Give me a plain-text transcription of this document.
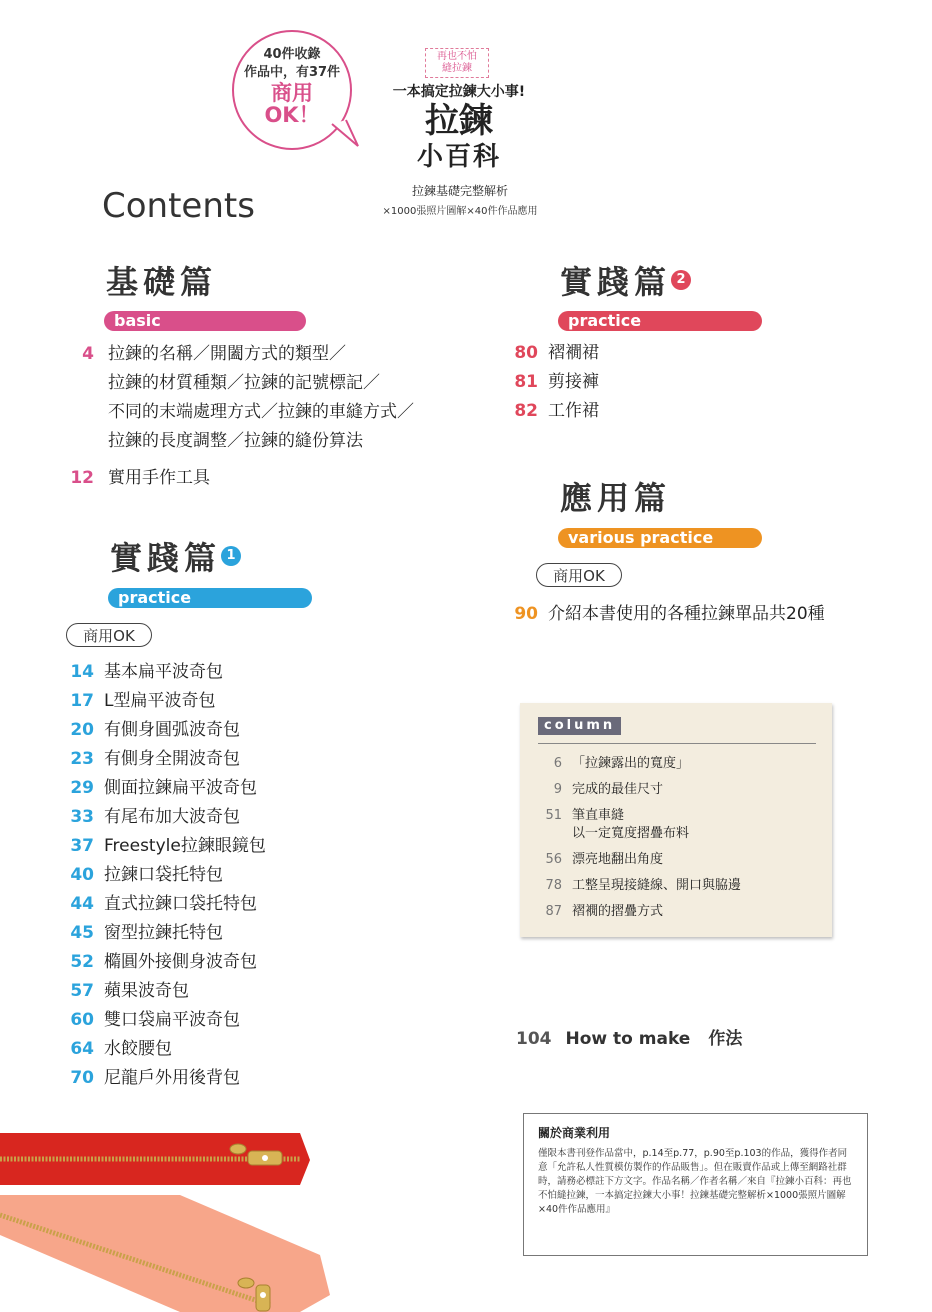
40件收錄
作品中，有37件
商用
OK！
再也不怕
縫拉鍊
一本搞定拉鍊大小事!
拉鍊
小百科
拉鍊基礎完整解析
×1000張照片圖解×40件作品應用
Contents
基礎篇
basic
4 拉鍊的名稱／開闔方式的類型／
拉鍊的材質種類／拉鍊的記號標記／
不同的末端處理方式／拉鍊的車縫方式／
拉鍊的長度調整／拉鍊的縫份算法
12 實用手作工具
實踐篇 1
practice
商用OK
14 基本扁平波奇包
17 L型扁平波奇包
20 有側身圓弧波奇包
23 有側身全開波奇包
29 側面拉鍊扁平波奇包
33 有尾布加大波奇包
37 Freestyle拉鍊眼鏡包
40 拉鍊口袋托特包
44 直式拉鍊口袋托特包
45 窗型拉鍊托特包
52 橢圓外接側身波奇包
57 蘋果波奇包
60 雙口袋扁平波奇包
64 水餃腰包
70 尼龍戶外用後背包
實踐篇 2
practice
80 褶襉裙
81 剪接褲
82 工作裙
應用篇
various practice
商用OK
90 介紹本書使用的各種拉鍊單品共20種
column
6 「拉鍊露出的寬度」
9 完成的最佳尺寸
51 筆直車縫
以一定寬度摺疊布料
56 漂亮地翻出角度
78 工整呈現接縫線、開口與脇邊
87 褶襉的摺疊方式
104 How to make 作法
關於商業利用
僅限本書刊登作品當中，p.14至p.77，p.90至p.103的作品，獲得作者同意「允許私人性質模仿製作的作品販售」。但在販賣作品或上傳至網路社群時，請務必標註下方文字。作品名稱／作者名稱／來自『拉鍊小百科：再也不怕縫拉鍊，一本搞定拉鍊大小事！拉鍊基礎完整解析×1000張照片圖解×40件作品應用』
